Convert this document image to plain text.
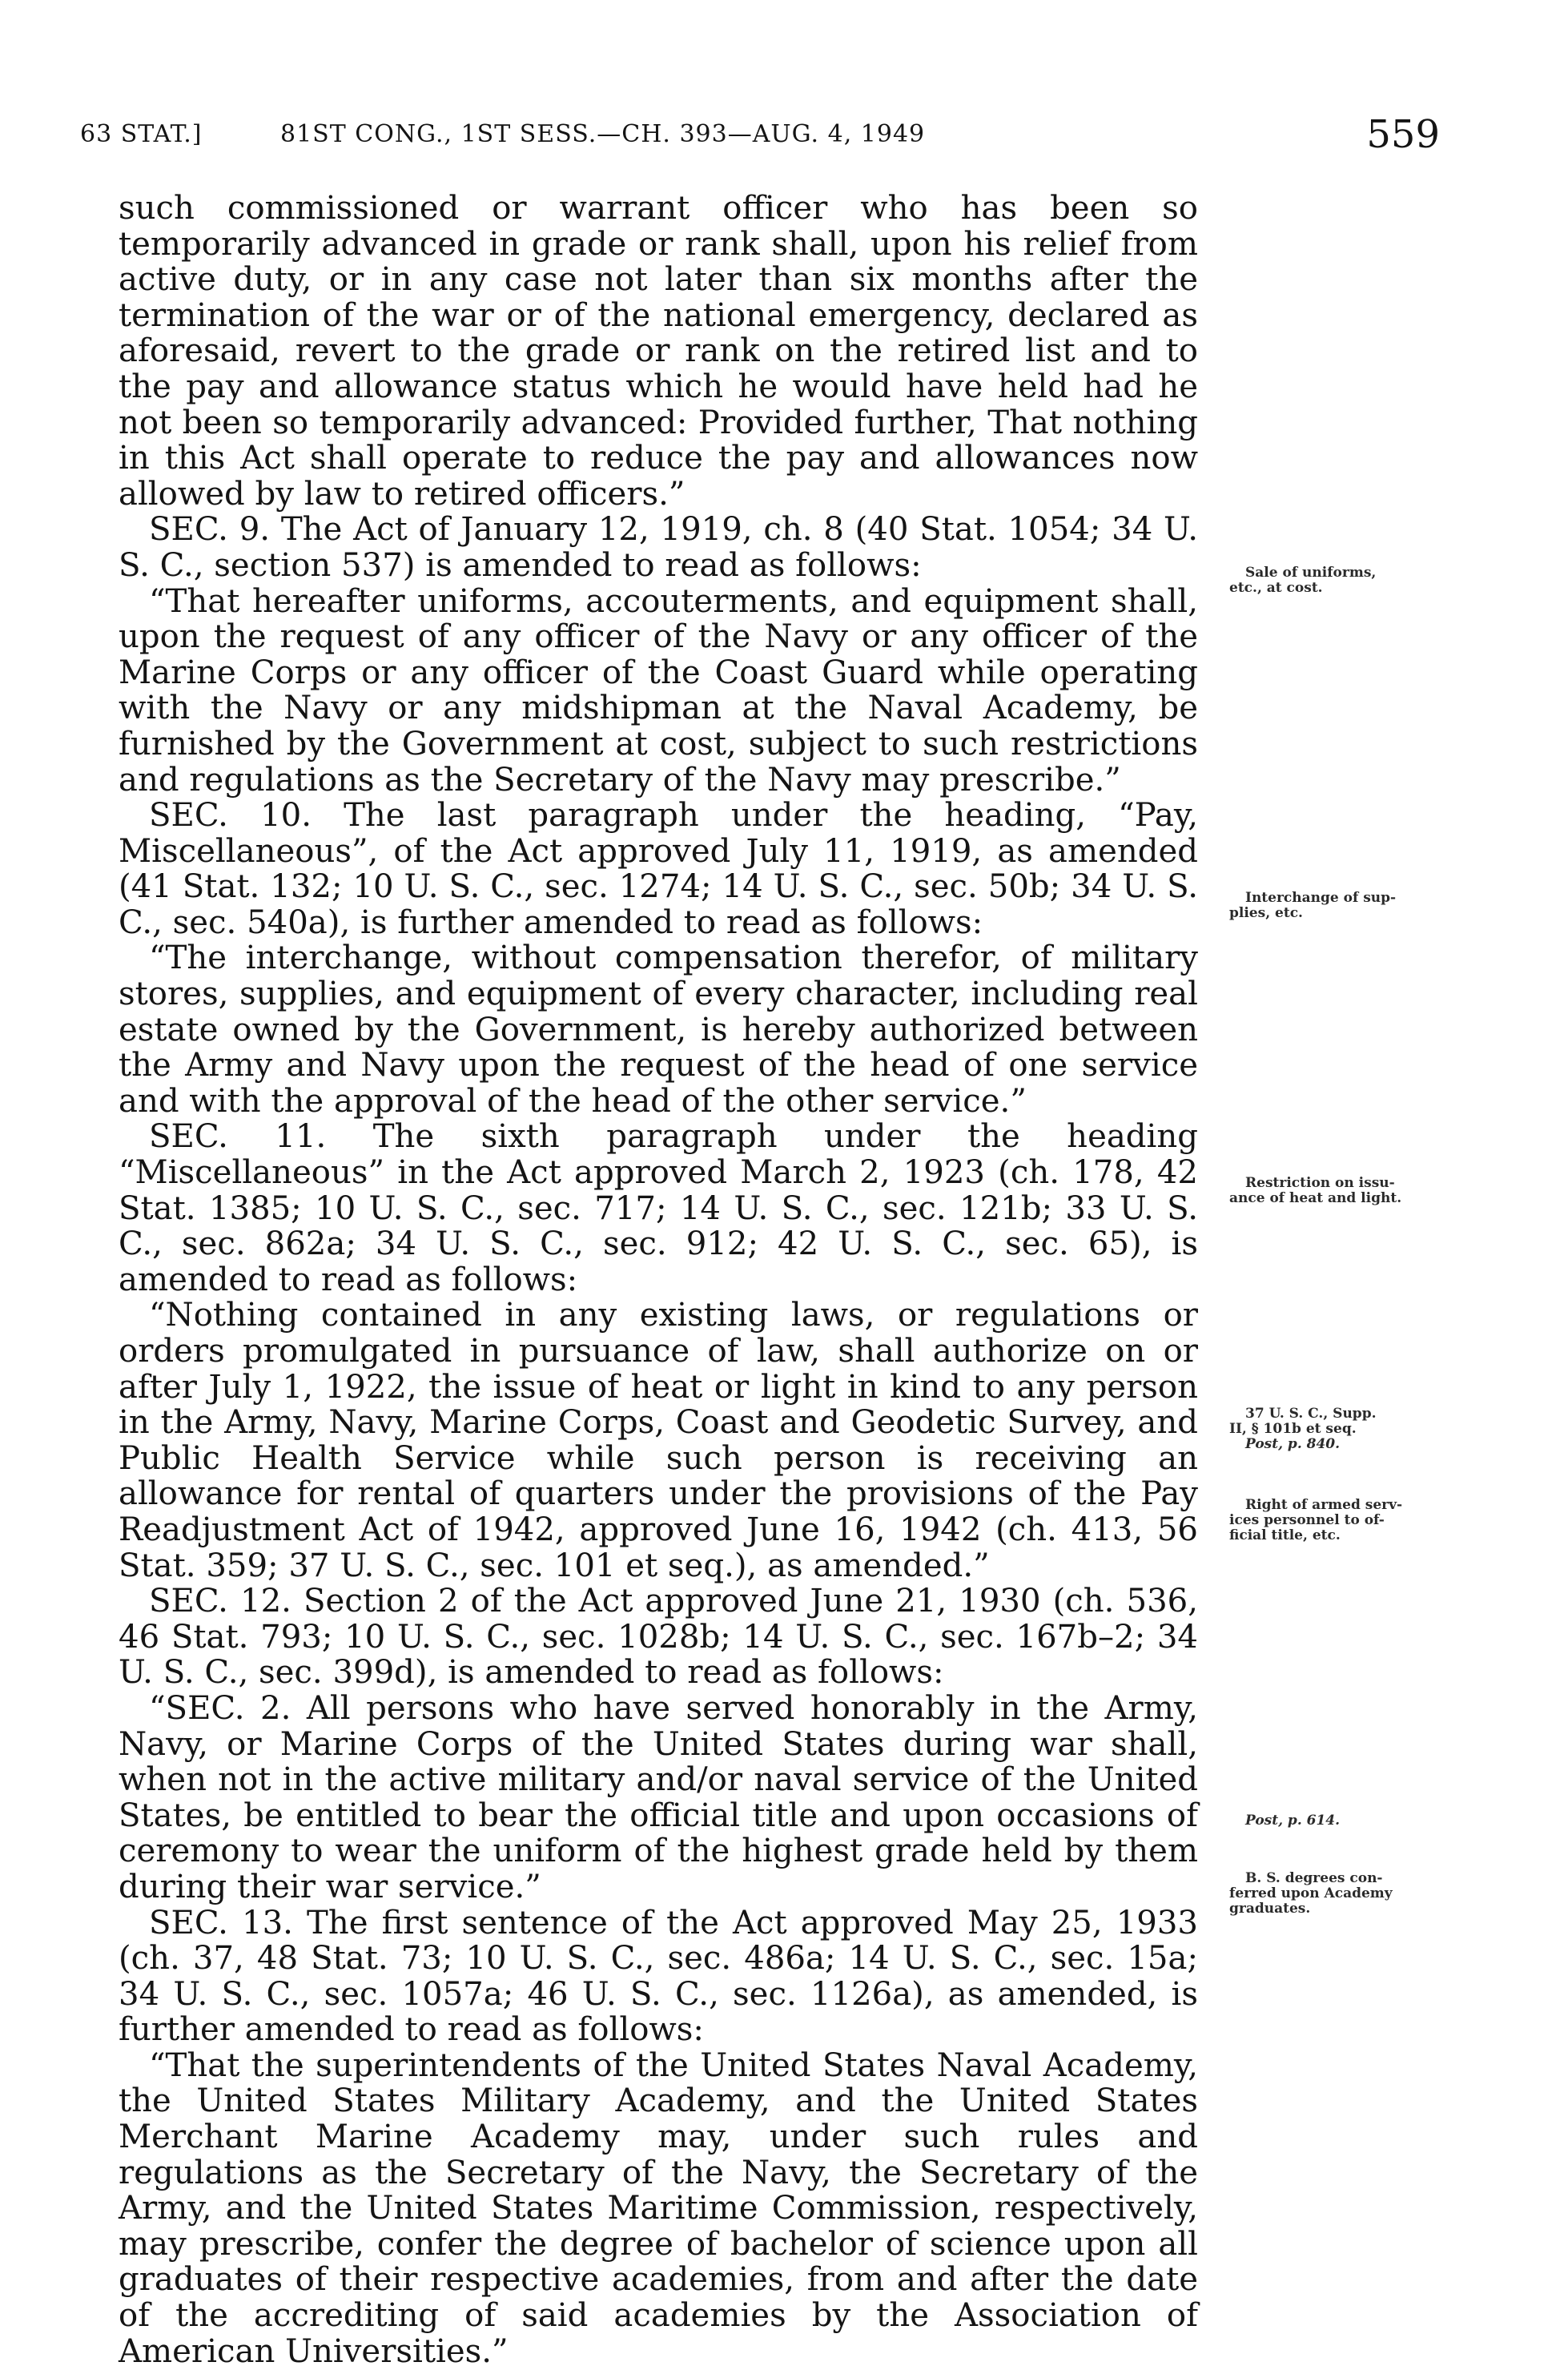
63 STAT.]	81ST CONG., 1ST SESS.—CH. 393—AUG. 4, 1949	559

such commissioned or warrant officer who has been so temporarily advanced in grade or rank shall, upon his relief from active duty, or in any case not later than six months after the termination of the war or of the national emergency, declared as aforesaid, revert to the grade or rank on the retired list and to the pay and allowance status which he would have held had he not been so temporarily advanced: Provided further, That nothing in this Act shall operate to reduce the pay and allowances now allowed by law to retired officers.”

SEC. 9. The Act of January 12, 1919, ch. 8 (40 Stat. 1054; 34 U. S. C., section 537) is amended to read as follows:

“That hereafter uniforms, accouterments, and equipment shall, upon the request of any officer of the Navy or any officer of the Marine Corps or any officer of the Coast Guard while operating with the Navy or any midshipman at the Naval Academy, be furnished by the Government at cost, subject to such restrictions and regulations as the Secretary of the Navy may prescribe.”

SEC. 10. The last paragraph under the heading, “Pay, Miscellaneous”, of the Act approved July 11, 1919, as amended (41 Stat. 132; 10 U. S. C., sec. 1274; 14 U. S. C., sec. 50b; 34 U. S. C., sec. 540a), is further amended to read as follows:

“The interchange, without compensation therefor, of military stores, supplies, and equipment of every character, including real estate owned by the Government, is hereby authorized between the Army and Navy upon the request of the head of one service and with the approval of the head of the other service.”

SEC. 11. The sixth paragraph under the heading “Miscellaneous” in the Act approved March 2, 1923 (ch. 178, 42 Stat. 1385; 10 U. S. C., sec. 717; 14 U. S. C., sec. 121b; 33 U. S. C., sec. 862a; 34 U. S. C., sec. 912; 42 U. S. C., sec. 65), is amended to read as follows:

“Nothing contained in any existing laws, or regulations or orders promulgated in pursuance of law, shall authorize on or after July 1, 1922, the issue of heat or light in kind to any person in the Army, Navy, Marine Corps, Coast and Geodetic Survey, and Public Health Service while such person is receiving an allowance for rental of quarters under the provisions of the Pay Readjustment Act of 1942, approved June 16, 1942 (ch. 413, 56 Stat. 359; 37 U. S. C., sec. 101 et seq.), as amended.”

SEC. 12. Section 2 of the Act approved June 21, 1930 (ch. 536, 46 Stat. 793; 10 U. S. C., sec. 1028b; 14 U. S. C., sec. 167b–2; 34 U. S. C., sec. 399d), is amended to read as follows:

“SEC. 2. All persons who have served honorably in the Army, Navy, or Marine Corps of the United States during war shall, when not in the active military and/or naval service of the United States, be entitled to bear the official title and upon occasions of ceremony to wear the uniform of the highest grade held by them during their war service.”

SEC. 13. The first sentence of the Act approved May 25, 1933 (ch. 37, 48 Stat. 73; 10 U. S. C., sec. 486a; 14 U. S. C., sec. 15a; 34 U. S. C., sec. 1057a; 46 U. S. C., sec. 1126a), as amended, is further amended to read as follows:

“That the superintendents of the United States Naval Academy, the United States Military Academy, and the United States Merchant Marine Academy may, under such rules and regulations as the Secretary of the Navy, the Secretary of the Army, and the United States Maritime Commission, respectively, may prescribe, confer the degree of bachelor of science upon all graduates of their respective academies, from and after the date of the accrediting of said academies by the Association of American Universities.”

Sale of uniforms,
etc., at cost.
Interchange of sup-
plies, etc.
Restriction on issu-
ance of heat and light.
37 U. S. C., Supp.
II, § 101b et seq.
Post, p. 840.
Right of armed serv-
ices personnel to of-
ficial title, etc.
Post, p. 614.
B. S. degrees con-
ferred upon Academy
graduates.
